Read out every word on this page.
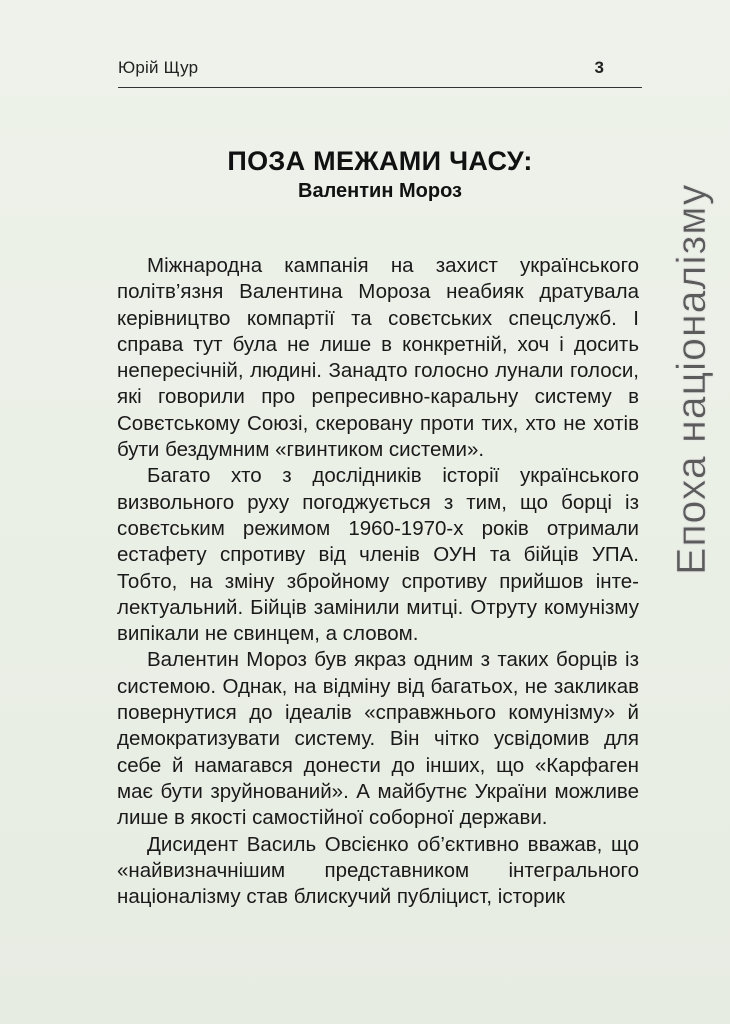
Юрій Щур	3
ПОЗА МЕЖАМИ ЧАСУ:
Валентин Мороз

Міжнародна кампанія на захист українського політв’язня Валентина Мороза неабияк дратувала керівництво компартії та совєтських спецслужб. І справа тут була не лише в конкретній, хоч і досить непересічній, людині. Занадто голосно лунали голоси, які говорили про репресивно-каральну систему в Совєтському Союзі, скеровану проти тих, хто не хотів бути бездумним «гвинтиком системи».

Багато хто з дослідників історії українського визвольного руху погоджується з тим, що борці із совєтським режимом 1960-1970-х років отримали естафету спротиву від членів ОУН та бійців УПА. Тобто, на зміну збройному спротиву прийшов інтелектуальний. Бійців замінили митці. Отруту комунізму випікали не свинцем, а словом.

Валентин Мороз був якраз одним з таких борців із системою. Однак, на відміну від багатьох, не закликав повернутися до ідеалів «справжнього комунізму» й демократизувати систему. Він чітко усвідомив для себе й намагався донести до інших, що «Карфаген має бути зруйнований». А майбутнє України можливе лише в якості самостійної соборної держави.

Дисидент Василь Овсієнко об’єктивно вважав, що «найвизначнішим представником інтегрального націоналізму став блискучий публіцист, історик

Епоха націоналізму
